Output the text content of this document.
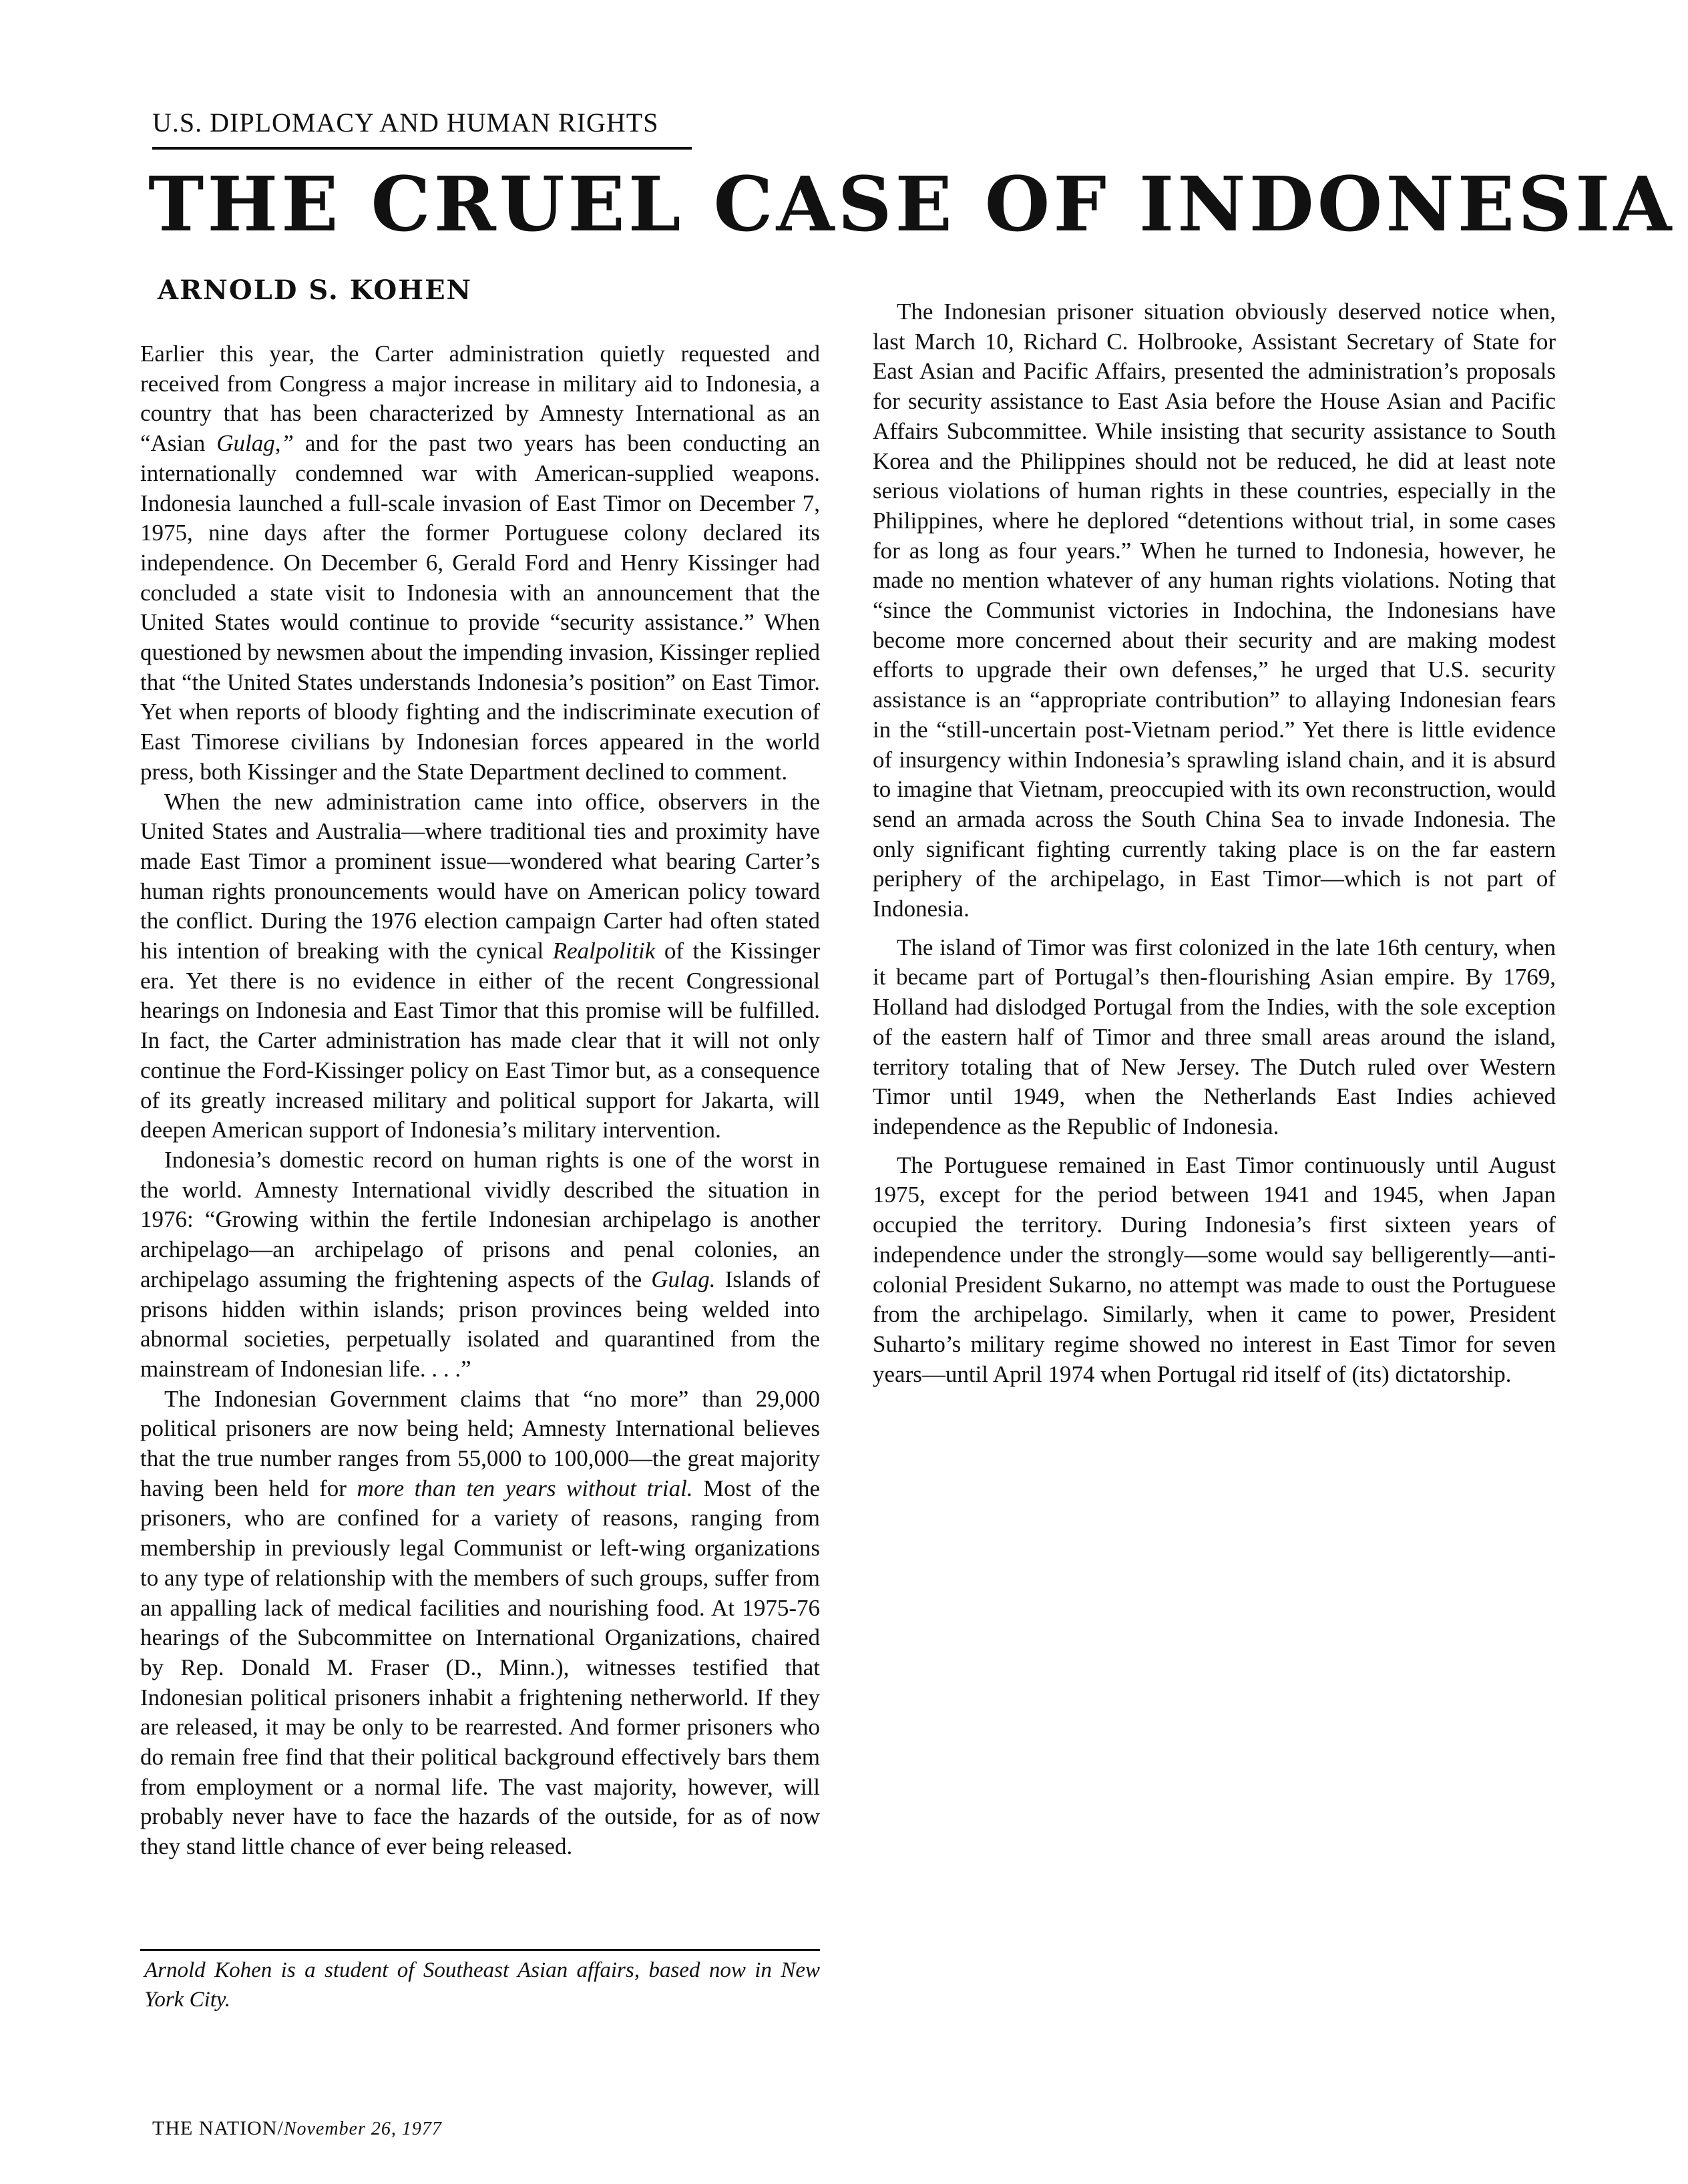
U.S. DIPLOMACY AND HUMAN RIGHTS
THE CRUEL CASE OF INDONESIA
ARNOLD S. KOHEN

Earlier this year, the Carter administration quietly requested and received from Congress a major increase in military aid to Indonesia, a country that has been characterized by Amnesty International as an “Asian Gulag,” and for the past two years has been conducting an internationally condemned war with American-supplied weapons. Indonesia launched a full-scale invasion of East Timor on December 7, 1975, nine days after the former Portuguese colony declared its independence. On December 6, Gerald Ford and Henry Kissinger had concluded a state visit to Indonesia with an announcement that the United States would continue to provide “security assistance.” When questioned by newsmen about the impending invasion, Kissinger replied that “the United States understands Indonesia’s position” on East Timor. Yet when reports of bloody fighting and the indiscriminate execution of East Timorese civilians by Indonesian forces appeared in the world press, both Kissinger and the State Department declined to comment.

When the new administration came into office, observers in the United States and Australia—where traditional ties and proximity have made East Timor a prominent issue—wondered what bearing Carter’s human rights pronouncements would have on American policy toward the conflict. During the 1976 election campaign Carter had often stated his intention of breaking with the cynical Realpolitik of the Kissinger era. Yet there is no evidence in either of the recent Congressional hearings on Indonesia and East Timor that this promise will be fulfilled. In fact, the Carter administration has made clear that it will not only continue the Ford-Kissinger policy on East Timor but, as a consequence of its greatly increased military and political support for Jakarta, will deepen American support of Indonesia’s military intervention.

Indonesia’s domestic record on human rights is one of the worst in the world. Amnesty International vividly described the situation in 1976: “Growing within the fertile Indonesian archipelago is another archipelago—an archipelago of prisons and penal colonies, an archipelago assuming the frightening aspects of the Gulag. Islands of prisons hidden within islands; prison provinces being welded into abnormal societies, perpetually isolated and quarantined from the mainstream of Indonesian life. . . .”

The Indonesian Government claims that “no more” than 29,000 political prisoners are now being held; Amnesty International believes that the true number ranges from 55,000 to 100,000—the great majority having been held for more than ten years without trial. Most of the prisoners, who are confined for a variety of reasons, ranging from membership in previously legal Communist or left-wing organizations to any type of relationship with the members of such groups, suffer from an appalling lack of medical facilities and nourishing food. At 1975-76 hearings of the Subcommittee on International Organizations, chaired by Rep. Donald M. Fraser (D., Minn.), witnesses testified that Indonesian political prisoners inhabit a frightening netherworld. If they are released, it may be only to be rearrested. And former prisoners who do remain free find that their political background effectively bars them from employment or a normal life. The vast majority, however, will probably never have to face the hazards of the outside, for as of now they stand little chance of ever being released.

The Indonesian prisoner situation obviously deserved notice when, last March 10, Richard C. Holbrooke, Assistant Secretary of State for East Asian and Pacific Affairs, presented the administration’s proposals for security assistance to East Asia before the House Asian and Pacific Affairs Subcommittee. While insisting that security assistance to South Korea and the Philippines should not be reduced, he did at least note serious violations of human rights in these countries, especially in the Philippines, where he deplored “detentions without trial, in some cases for as long as four years.” When he turned to Indonesia, however, he made no mention whatever of any human rights violations. Noting that “since the Communist victories in Indochina, the Indonesians have become more concerned about their security and are making modest efforts to upgrade their own defenses,” he urged that U.S. security assistance is an “appropriate contribution” to allaying Indonesian fears in the “still-uncertain post-Vietnam period.” Yet there is little evidence of insurgency within Indonesia’s sprawling island chain, and it is absurd to imagine that Vietnam, preoccupied with its own reconstruction, would send an armada across the South China Sea to invade Indonesia. The only significant fighting currently taking place is on the far eastern periphery of the archipelago, in East Timor—which is not part of Indonesia.

The island of Timor was first colonized in the late 16th century, when it became part of Portugal’s then-flourishing Asian empire. By 1769, Holland had dislodged Portugal from the Indies, with the sole exception of the eastern half of Timor and three small areas around the island, territory totaling that of New Jersey. The Dutch ruled over Western Timor until 1949, when the Netherlands East Indies achieved independence as the Republic of Indonesia.

The Portuguese remained in East Timor continuously until August 1975, except for the period between 1941 and 1945, when Japan occupied the territory. During Indonesia’s first sixteen years of independence under the strongly—some would say belligerently—anti-colonial President Sukarno, no attempt was made to oust the Portuguese from the archipelago. Similarly, when it came to power, President Suharto’s military regime showed no interest in East Timor for seven years—until April 1974 when Portugal rid itself of (its) dictatorship.

Arnold Kohen is a student of Southeast Asian affairs, based now in New York City.
THE NATION/November 26, 1977
